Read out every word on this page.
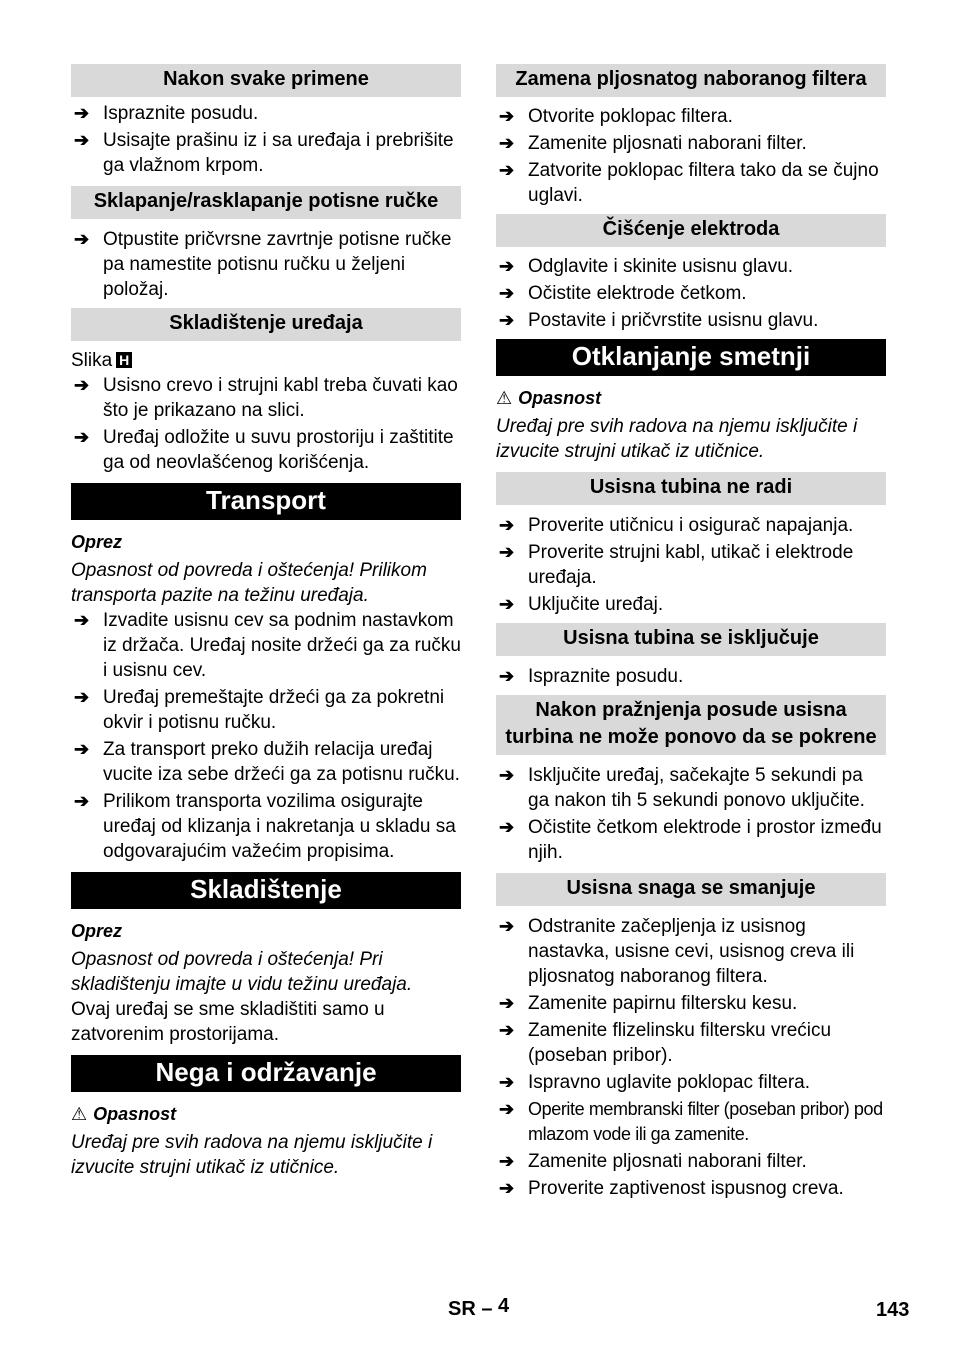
Nakon svake primene

➔ Ispraznite posudu.

➔ Usisajte prašinu iz i sa uređaja i prebrišite ga vlažnom krpom.

Sklapanje/rasklapanje potisne ručke

➔ Otpustite pričvrsne zavrtnje potisne ručke pa namestite potisnu ručku u željeni položaj.

Skladištenje uređaja

Slika H

➔ Usisno crevo i strujni kabl treba čuvati kao što je prikazano na slici.

➔ Uređaj odložite u suvu prostoriju i zaštitite ga od neovlašćenog korišćenja.

Transport

Oprez

Opasnost od povreda i oštećenja! Prilikom transporta pazite na težinu uređaja.

➔ Izvadite usisnu cev sa podnim nastavkom iz držača. Uređaj nosite držeći ga za ručku i usisnu cev.

➔ Uređaj premeštajte držeći ga za pokretni okvir i potisnu ručku.

➔ Za transport preko dužih relacija uređaj vucite iza sebe držeći ga za potisnu ručku.

➔ Prilikom transporta vozilima osigurajte uređaj od klizanja i nakretanja u skladu sa odgovarajućim važećim propisima.

Skladištenje

Oprez

Opasnost od povreda i oštećenja! Pri skladištenju imajte u vidu težinu uređaja.

Ovaj uređaj se sme skladištiti samo u zatvorenim prostorijama.

Nega i održavanje

⚠ Opasnost

Uređaj pre svih radova na njemu isključite i izvucite strujni utikač iz utičnice.

Zamena pljosnatog naboranog filtera

➔ Otvorite poklopac filtera.

➔ Zamenite pljosnati naborani filter.

➔ Zatvorite poklopac filtera tako da se čujno uglavi.

Čišćenje elektroda

➔ Odglavite i skinite usisnu glavu.

➔ Očistite elektrode četkom.

➔ Postavite i pričvrstite usisnu glavu.

Otklanjanje smetnji

⚠ Opasnost

Uređaj pre svih radova na njemu isključite i izvucite strujni utikač iz utičnice.

Usisna tubina ne radi

➔ Proverite utičnicu i osigurač napajanja.

➔ Proverite strujni kabl, utikač i elektrode uređaja.

➔ Uključite uređaj.

Usisna tubina se isključuje

➔ Ispraznite posudu.

Nakon pražnjenja posude usisna turbina ne može ponovo da se pokrene

➔ Isključite uređaj, sačekajte 5 sekundi pa ga nakon tih 5 sekundi ponovo uključite.

➔ Očistite četkom elektrode i prostor između njih.

Usisna snaga se smanjuje

➔ Odstranite začepljenja iz usisnog nastavka, usisne cevi, usisnog creva ili pljosnatog naboranog filtera.

➔ Zamenite papirnu filtersku kesu.

➔ Zamenite flizelinsku filtersku vrećicu (poseban pribor).

➔ Ispravno uglavite poklopac filtera.

➔ Operite membranski filter (poseban pribor) pod mlazom vode ili ga zamenite.

➔ Zamenite pljosnati naborani filter.

➔ Proverite zaptivenost ispusnog creva.

SR – 4	143
